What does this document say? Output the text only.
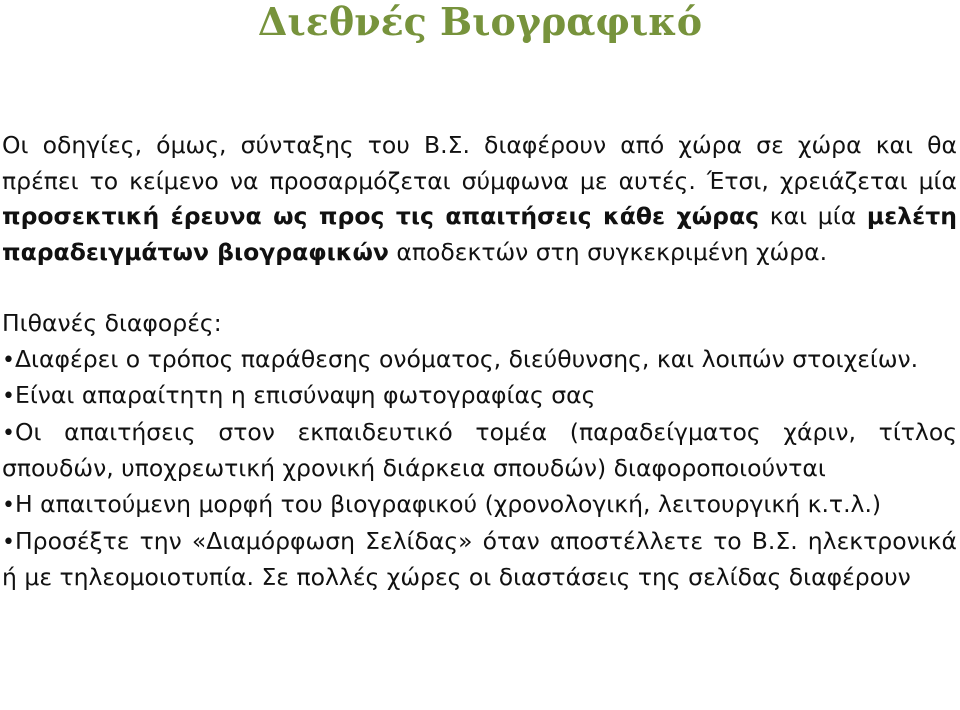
Διεθνές Βιογραφικό

Οι οδηγίες, όμως, σύνταξης του Β.Σ. διαφέρουν από χώρα σε χώρα και θα πρέπει το κείμενο να προσαρμόζεται σύμφωνα με αυτές. Έτσι, χρειάζεται μία προσεκτική έρευνα ως προς τις απαιτήσεις κάθε χώρας και μία μελέτη παραδειγμάτων βιογραφικών αποδεκτών στη συγκεκριμένη χώρα.

Πιθανές διαφορές:
•Διαφέρει ο τρόπος παράθεσης ονόματος, διεύθυνσης, και λοιπών στοιχείων.
•Είναι απαραίτητη η επισύναψη φωτογραφίας σας
•Οι απαιτήσεις στον εκπαιδευτικό τομέα (παραδείγματος χάριν, τίτλος σπουδών, υποχρεωτική χρονική διάρκεια σπουδών) διαφοροποιούνται
•Η απαιτούμενη μορφή του βιογραφικού (χρονολογική, λειτουργική κ.τ.λ.)
•Προσέξτε την «Διαμόρφωση Σελίδας» όταν αποστέλλετε το Β.Σ. ηλεκτρονικά ή με τηλεομοιοτυπία. Σε πολλές χώρες οι διαστάσεις της σελίδας διαφέρουν
